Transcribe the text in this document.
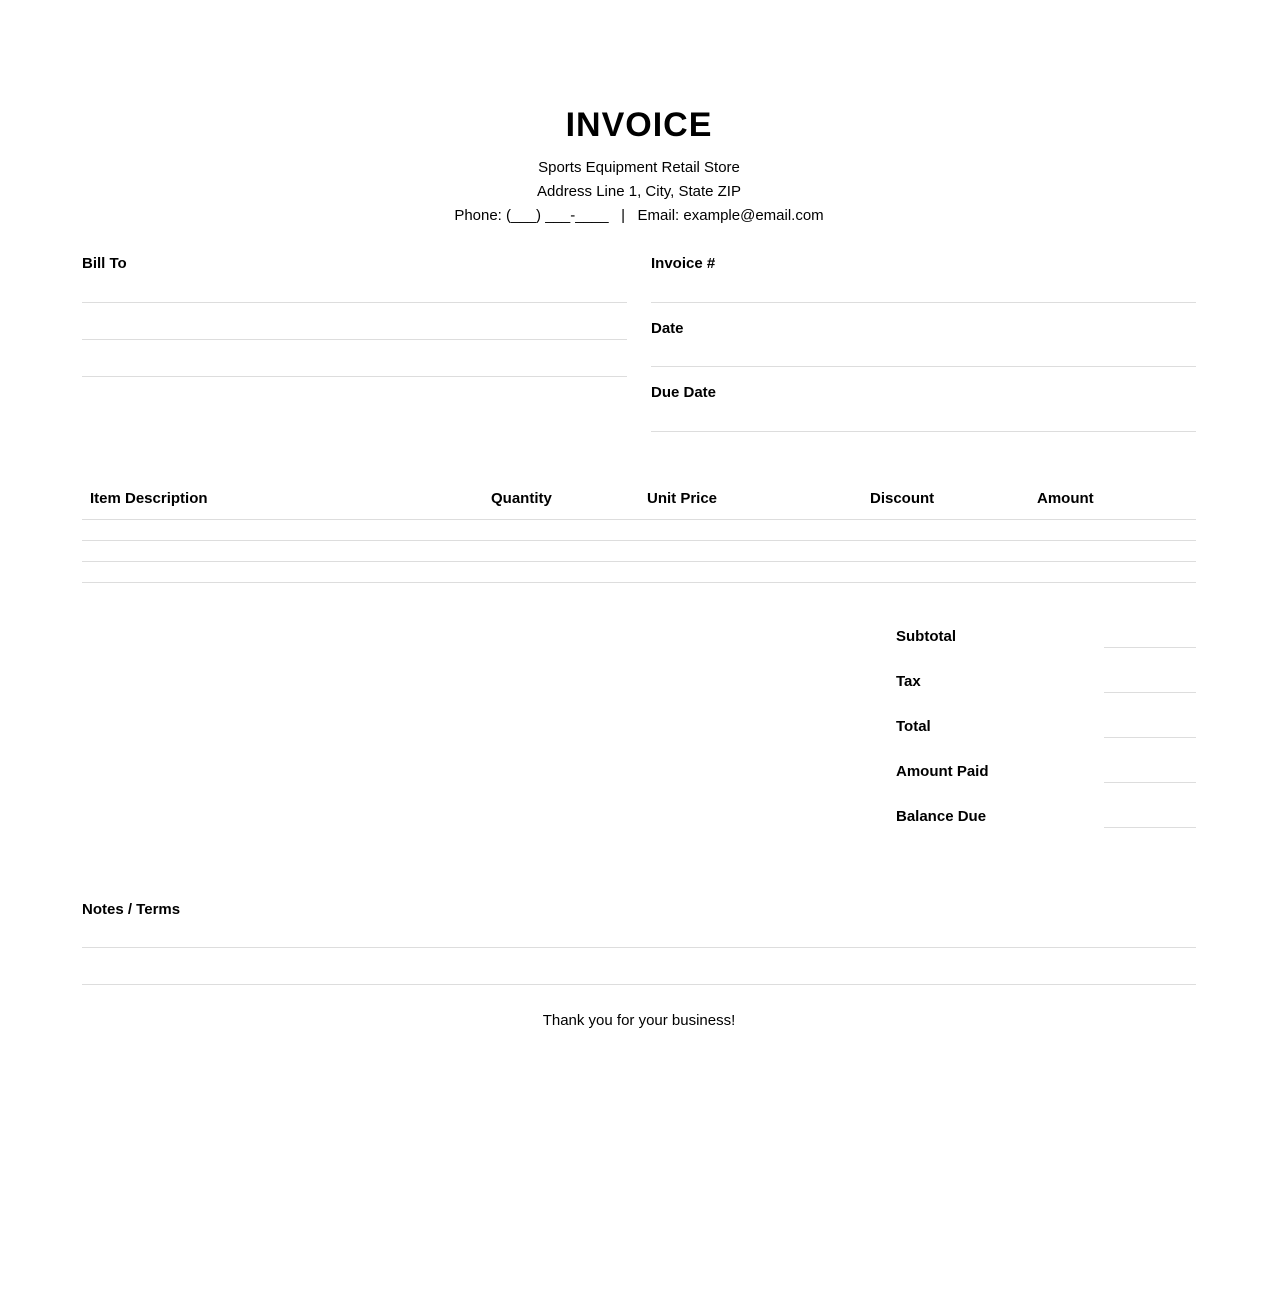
INVOICE
Sports Equipment Retail Store
Address Line 1, City, State ZIP
Phone: (___) ___-____ | Email: example@email.com
Bill To	Invoice #
Date
Due Date
Item Description	Quantity	Unit Price	Discount	Amount
Subtotal
Tax
Total
Amount Paid
Balance Due
Notes / Terms
Thank you for your business!
